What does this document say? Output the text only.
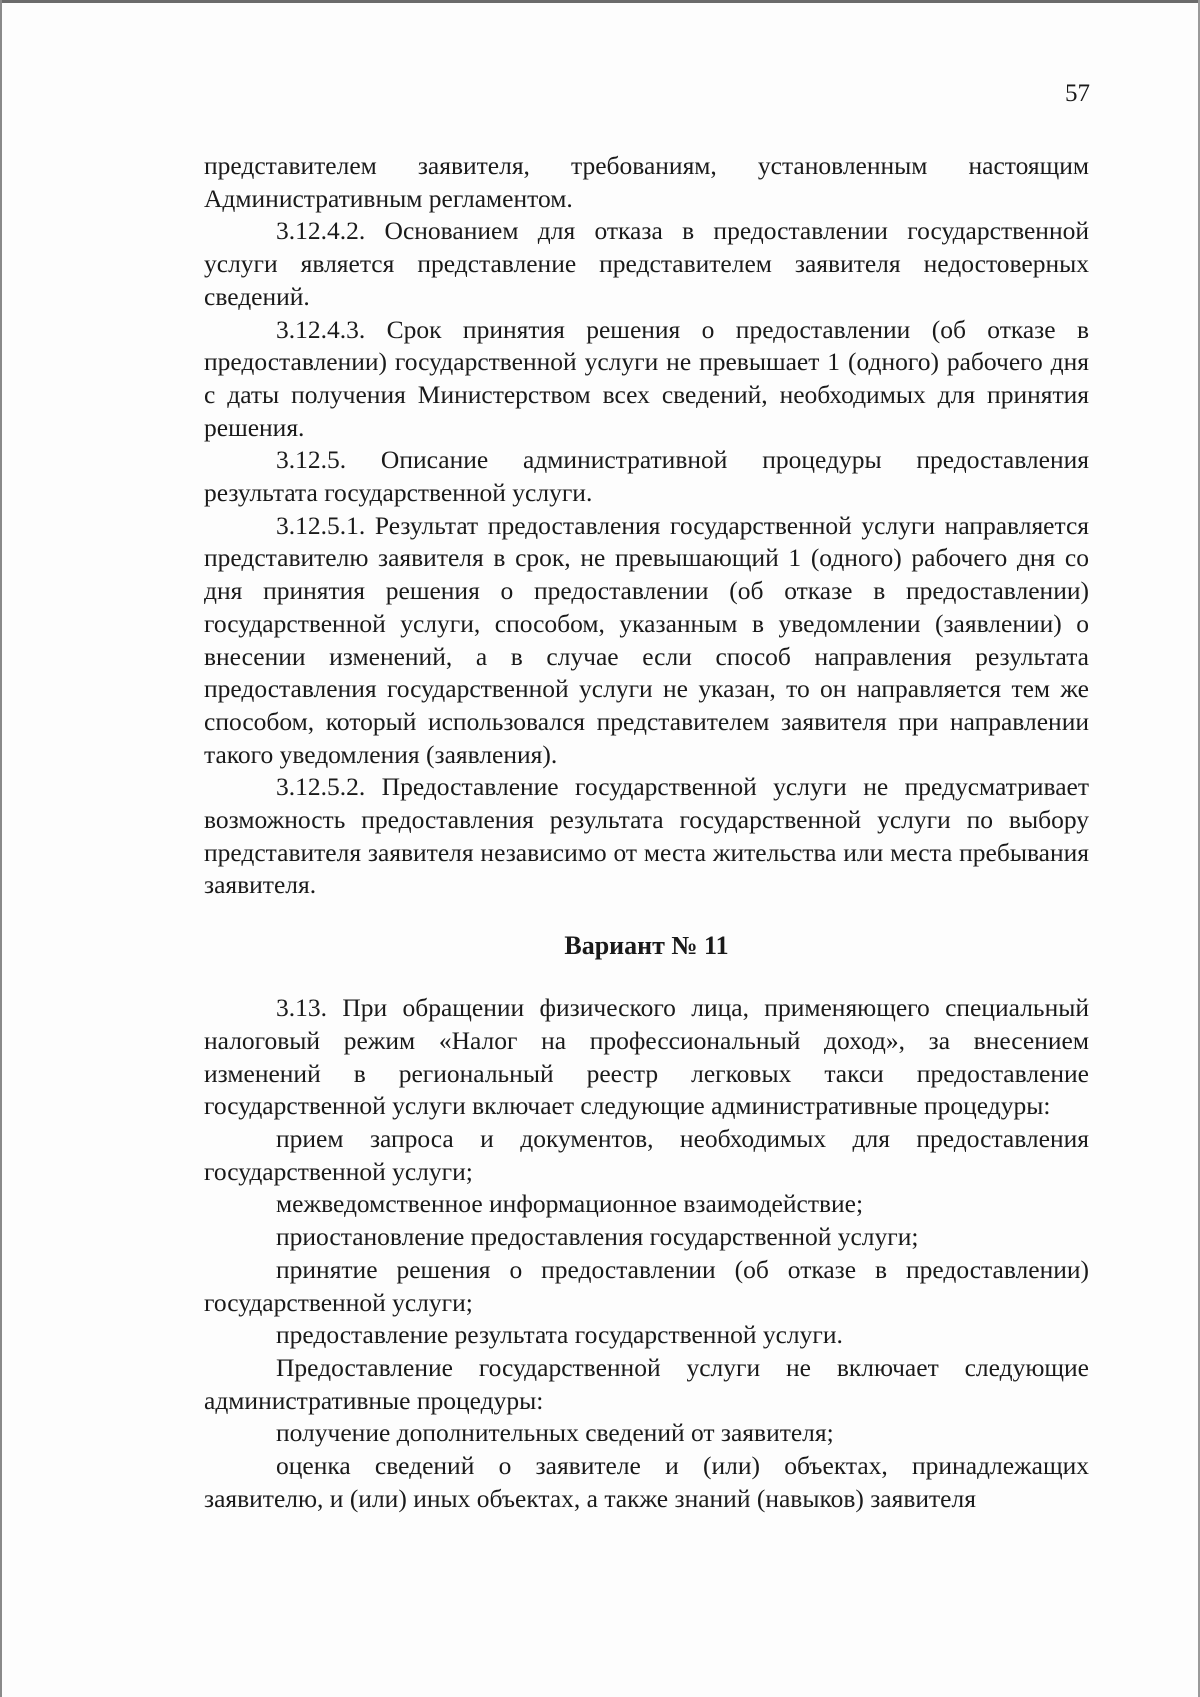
57

представителем заявителя, требованиям, установленным настоящим Административным регламентом.

3.12.4.2. Основанием для отказа в предоставлении государственной услуги является представление представителем заявителя недостоверных сведений.

3.12.4.3. Срок принятия решения о предоставлении (об отказе в предоставлении) государственной услуги не превышает 1 (одного) рабочего дня с даты получения Министерством всех сведений, необходимых для принятия решения.

3.12.5. Описание административной процедуры предоставления результата государственной услуги.

3.12.5.1. Результат предоставления государственной услуги направляется представителю заявителя в срок, не превышающий 1 (одного) рабочего дня со дня принятия решения о предоставлении (об отказе в предоставлении) государственной услуги, способом, указанным в уведомлении (заявлении) о внесении изменений, а в случае если способ направления результата предоставления государственной услуги не указан, то он направляется тем же способом, который использовался представителем заявителя при направлении такого уведомления (заявления).

3.12.5.2. Предоставление государственной услуги не предусматривает возможность предоставления результата государственной услуги по выбору представителя заявителя независимо от места жительства или места пребывания заявителя.

Вариант № 11

3.13. При обращении физического лица, применяющего специальный налоговый режим «Налог на профессиональный доход», за внесением изменений в региональный реестр легковых такси предоставление государственной услуги включает следующие административные процедуры:

прием запроса и документов, необходимых для предоставления государственной услуги;

межведомственное информационное взаимодействие;

приостановление предоставления государственной услуги;

принятие решения о предоставлении (об отказе в предоставлении) государственной услуги;

предоставление результата государственной услуги.

Предоставление государственной услуги не включает следующие административные процедуры:

получение дополнительных сведений от заявителя;

оценка сведений о заявителе и (или) объектах, принадлежащих заявителю, и (или) иных объектах, а также знаний (навыков) заявителя
